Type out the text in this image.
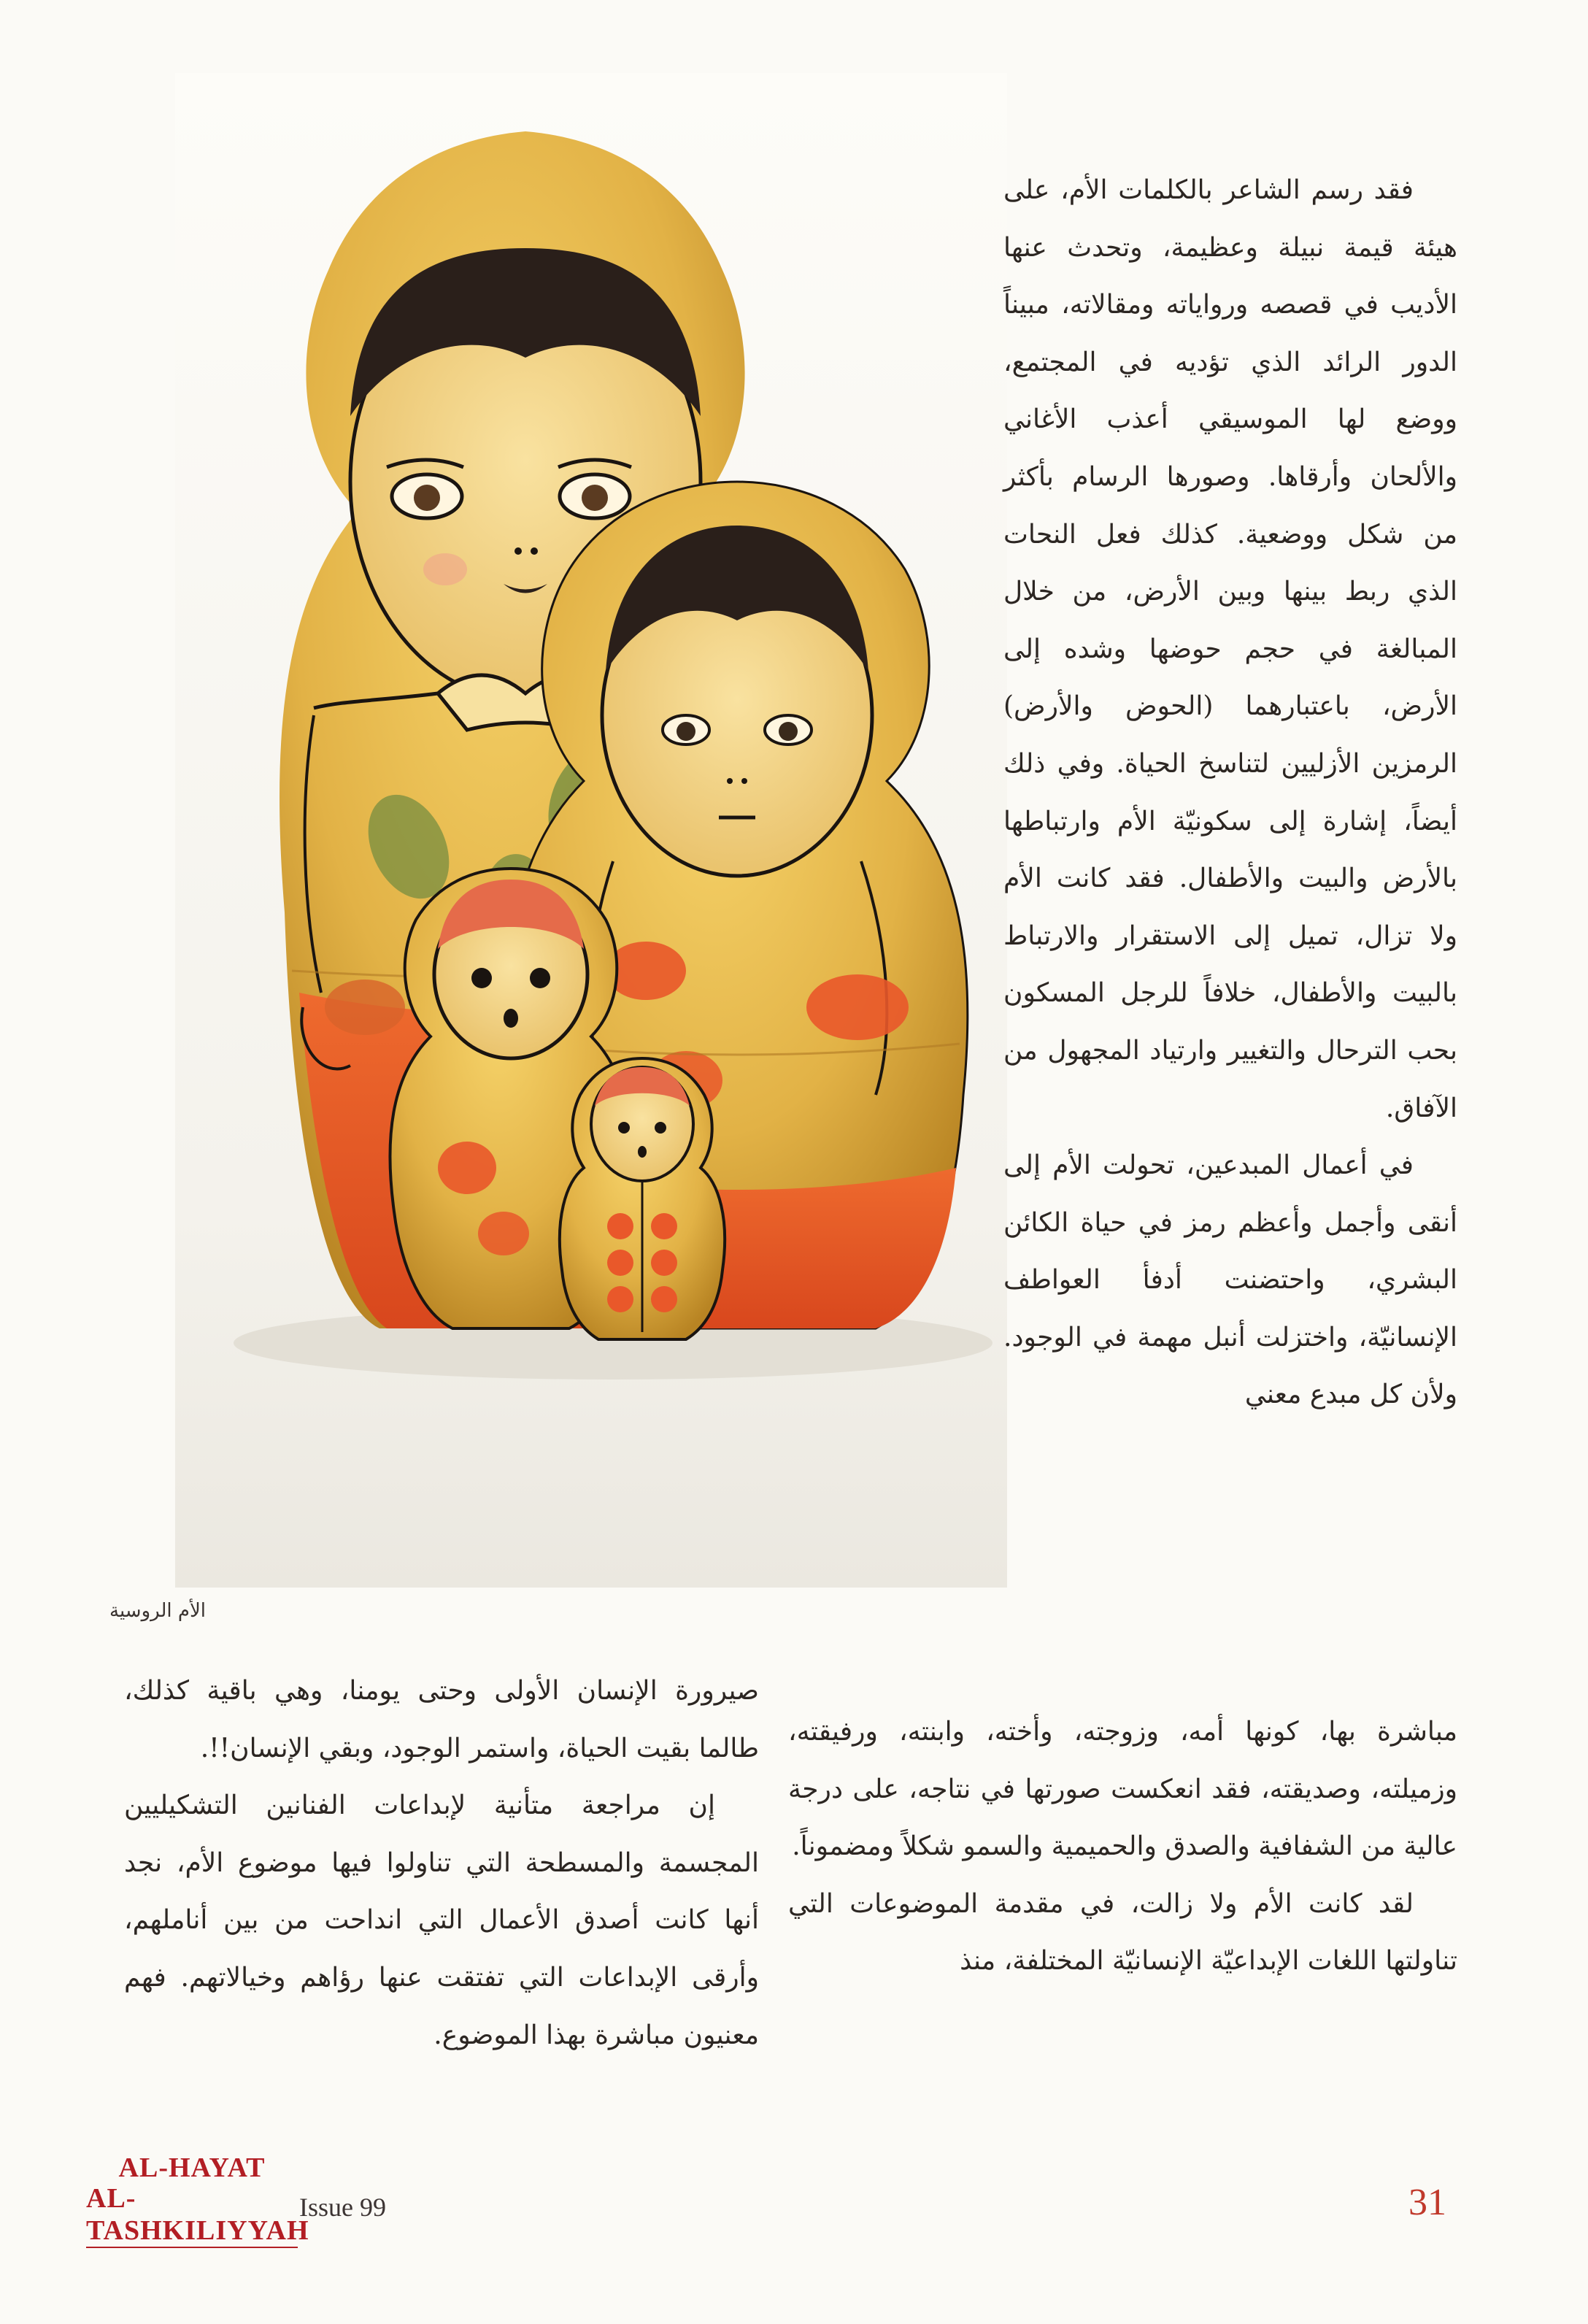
الأم الروسية

فقد رسم الشاعر بالكلمات الأم، على هيئة قيمة نبيلة وعظيمة، وتحدث عنها الأديب في قصصه ورواياته ومقالاته، مبيناً الدور الرائد الذي تؤديه في المجتمع، ووضع لها الموسيقي أعذب الأغاني والألحان وأرقاها. وصورها الرسام بأكثر من شكل ووضعية. كذلك فعل النحات الذي ربط بينها وبين الأرض، من خلال المبالغة في حجم حوضها وشده إلى الأرض، باعتبارهما (الحوض والأرض) الرمزين الأزليين لتناسخ الحياة. وفي ذلك أيضاً، إشارة إلى سكونيّة الأم وارتباطها بالأرض والبيت والأطفال. فقد كانت الأم ولا تزال، تميل إلى الاستقرار والارتباط بالبيت والأطفال، خلافاً للرجل المسكون بحب الترحال والتغيير وارتياد المجهول من الآفاق.

في أعمال المبدعين، تحولت الأم إلى أنقى وأجمل وأعظم رمز في حياة الكائن البشري، واحتضنت أدفأ العواطف الإنسانيّة، واختزلت أنبل مهمة في الوجود. ولأن كل مبدع معني

مباشرة بها، كونها أمه، وزوجته، وأخته، وابنته، ورفيقته، وزميلته، وصديقته، فقد انعكست صورتها في نتاجه، على درجة عالية من الشفافية والصدق والحميمية والسمو شكلاً ومضموناً.

لقد كانت الأم ولا زالت، في مقدمة الموضوعات التي تناولتها اللغات الإبداعيّة الإنسانيّة المختلفة، منذ

صيرورة الإنسان الأولى وحتى يومنا، وهي باقية كذلك، طالما بقيت الحياة، واستمر الوجود، وبقي الإنسان!!.

إن مراجعة متأنية لإبداعات الفنانين التشكيليين المجسمة والمسطحة التي تناولوا فيها موضوع الأم، نجد أنها كانت أصدق الأعمال التي انداحت من بين أناملهم، وأرقى الإبداعات التي تفتقت عنها رؤاهم وخيالاتهم. فهم معنيون مباشرة بهذا الموضوع.

AL-HAYAT
AL-TASHKILIYYAH
Issue 99	31
